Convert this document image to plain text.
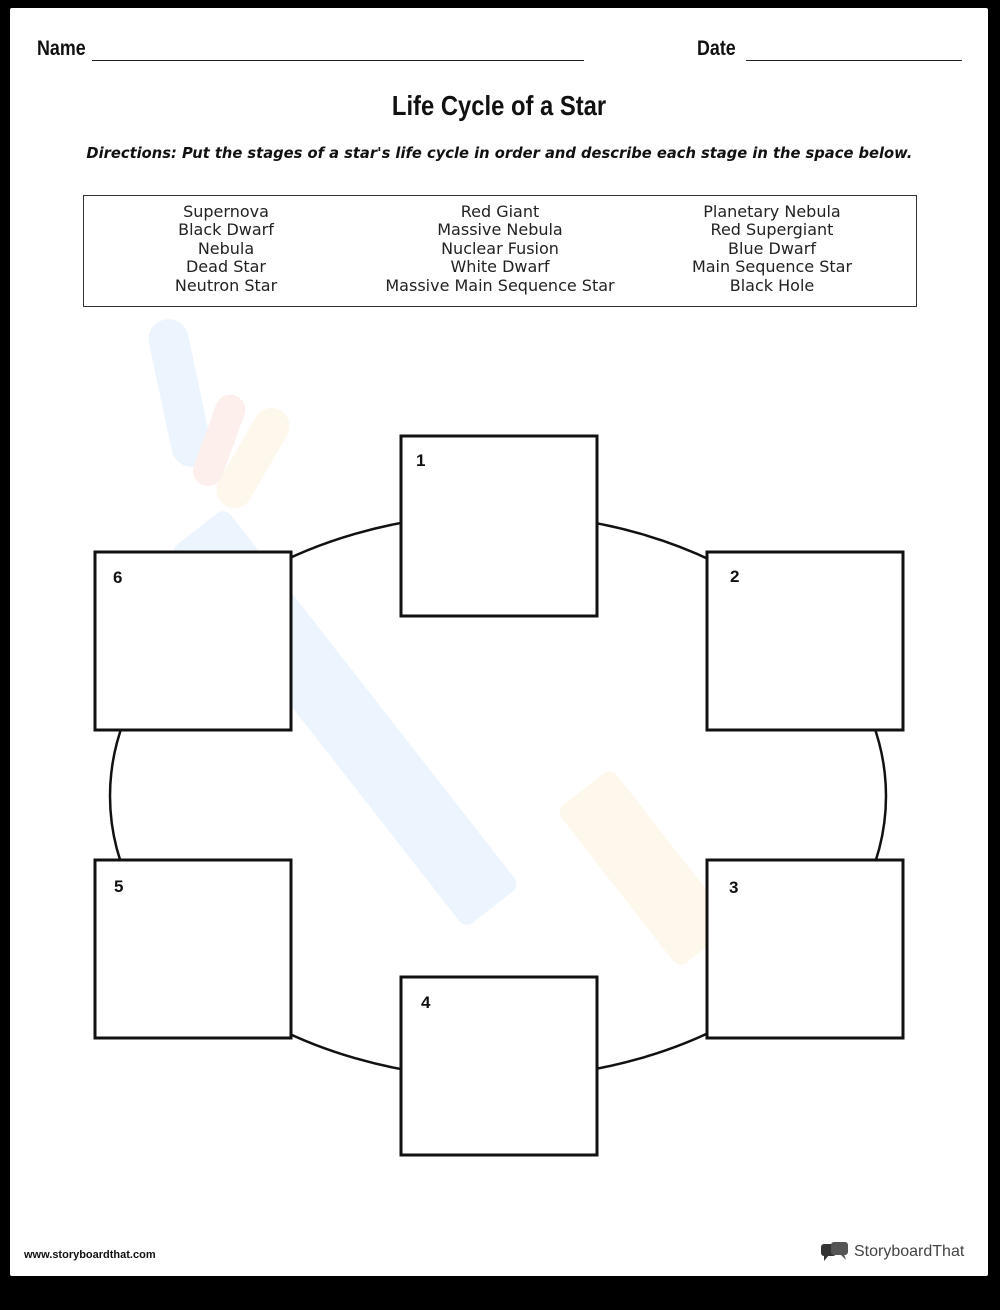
Name	Date
Life Cycle of a Star
Directions: Put the stages of a star's life cycle in order and describe each stage in the space below.
Supernova
Black Dwarf
Nebula
Dead Star
Neutron Star
Red Giant
Massive Nebula
Nuclear Fusion
White Dwarf
Massive Main Sequence Star
Planetary Nebula
Red Supergiant
Blue Dwarf
Main Sequence Star
Black Hole
1
2
3
4
5
6
www.storyboardthat.com	StoryboardThat
